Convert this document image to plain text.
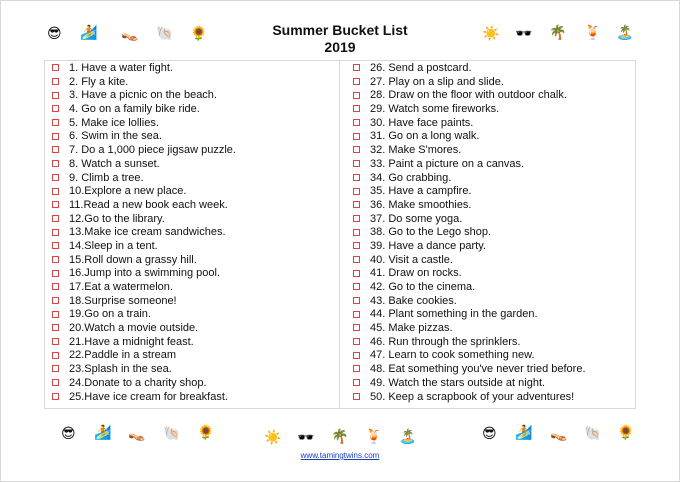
Summer Bucket List
2019
😎 🏄 👡 🐚 🌻	☀️ 🕶️ 🌴 🍹 🏝️
1. Have a water fight.
2. Fly a kite.
3. Have a picnic on the beach.
4. Go on a family bike ride.
5. Make ice lollies.
6. Swim in the sea.
7. Do a 1,000 piece jigsaw puzzle.
8. Watch a sunset.
9. Climb a tree.
10.Explore a new place.
11.Read a new book each week.
12.Go to the library.
13.Make ice cream sandwiches.
14.Sleep in a tent.
15.Roll down a grassy hill.
16.Jump into a swimming pool.
17.Eat a watermelon.
18.Surprise someone!
19.Go on a train.
20.Watch a movie outside.
21.Have a midnight feast.
22.Paddle in a stream
23.Splash in the sea.
24.Donate to a charity shop.
25.Have ice cream for breakfast.
26. Send a postcard.
27. Play on a slip and slide.
28. Draw on the floor with outdoor chalk.
29. Watch some fireworks.
30. Have face paints.
31. Go on a long walk.
32. Make S'mores.
33. Paint a picture on a canvas.
34. Go crabbing.
35. Have a campfire.
36. Make smoothies.
37. Do some yoga.
38. Go to the Lego shop.
39. Have a dance party.
40. Visit a castle.
41. Draw on rocks.
42. Go to the cinema.
43. Bake cookies.
44. Plant something in the garden.
45. Make pizzas.
46. Run through the sprinklers.
47. Learn to cook something new.
48. Eat something you've never tried before.
49. Watch the stars outside at night.
50. Keep a scrapbook of your adventures!
😎 🏄 👡 🐚 🌻	☀️ 🕶️ 🌴 🍹 🏝️	😎 🏄 👡 🐚 🌻
www.tamingtwins.com
